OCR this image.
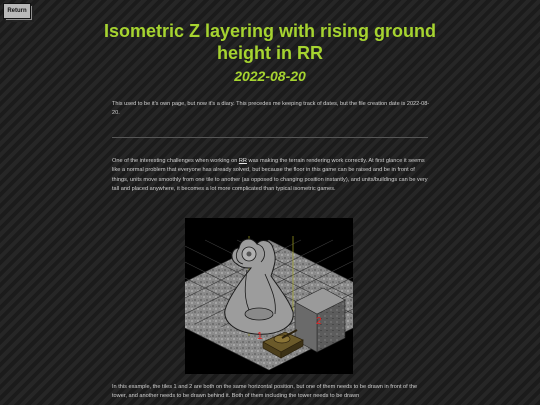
Return
Isometric Z layering with rising ground height in RR
2022-08-20

This used to be it's own page, but now it's a diary. This precedes me keeping track of dates, but the file creation date is 2022-08-20.

One of the interesting challenges when working on RR was making the terrain rendering work correctly. At first glance it seems like a normal problem that everyone has already solved, but because the floor in this game can be raised and be in front of things, units move smoothly from one tile to another (as opposed to changing position instantly), and units/buildings can be very tall and placed anywhere, it becomes a lot more complicated than typical isometric games.

1
2

In this example, the tiles 1 and 2 are both on the same horizontal position, but one of them needs to be drawn in front of the tower, and another needs to be drawn behind it. Both of them including the tower needs to be drawn
